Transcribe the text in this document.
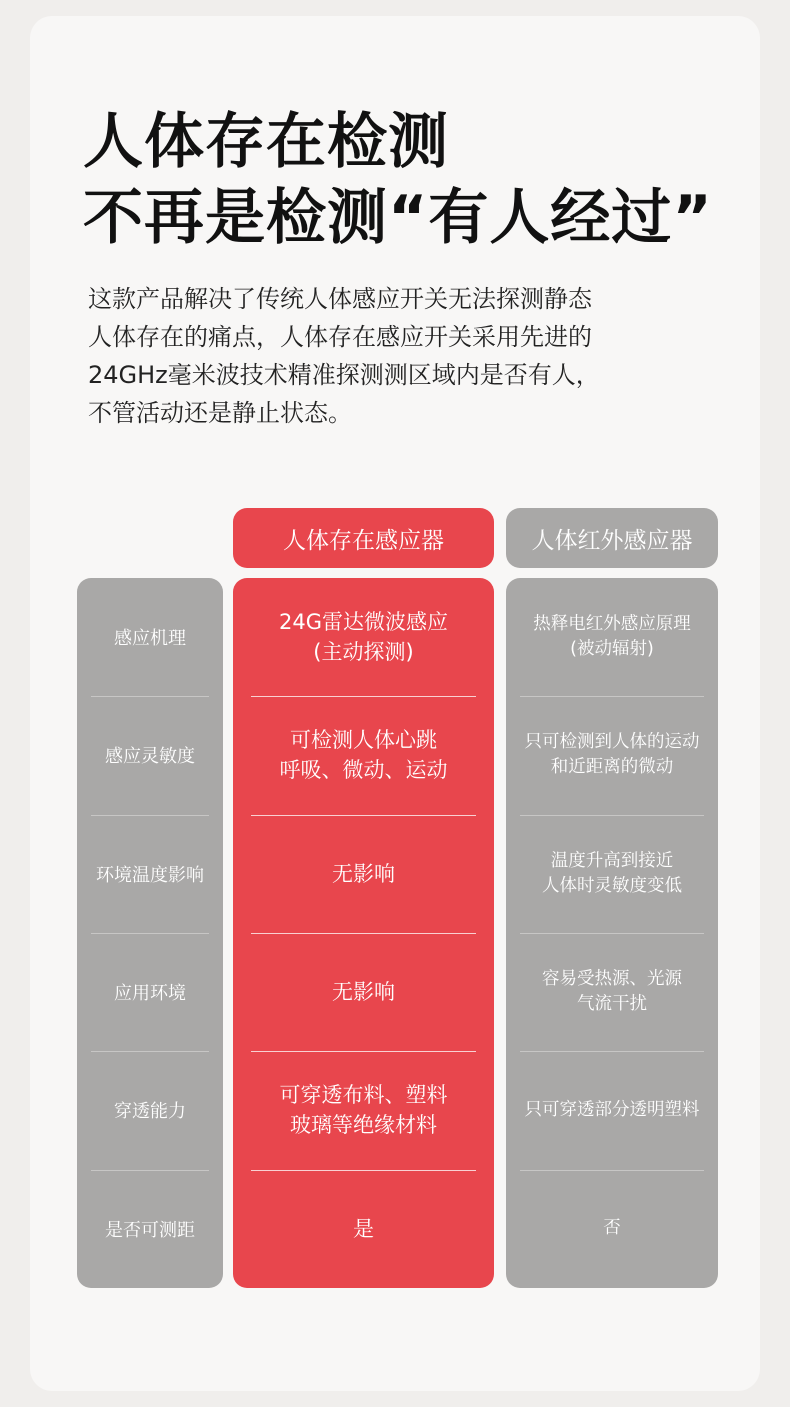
人体存在检测
不再是检测“有人经过”

这款产品解决了传统人体感应开关无法探测静态
人体存在的痛点，人体存在感应开关采用先进的
24GHz毫米波技术精准探测测区域内是否有人，
不管活动还是静止状态。

人体存在感应器	人体红外感应器
感应机理
感应灵敏度
环境温度影响
应用环境
穿透能力
是否可测距
24G雷达微波感应
(主动探测)
可检测人体心跳
呼吸、微动、运动
无影响
无影响
可穿透布料、塑料
玻璃等绝缘材料
是
热释电红外感应原理
(被动辐射)
只可检测到人体的运动
和近距离的微动
温度升高到接近
人体时灵敏度变低
容易受热源、光源
气流干扰
只可穿透部分透明塑料
否
